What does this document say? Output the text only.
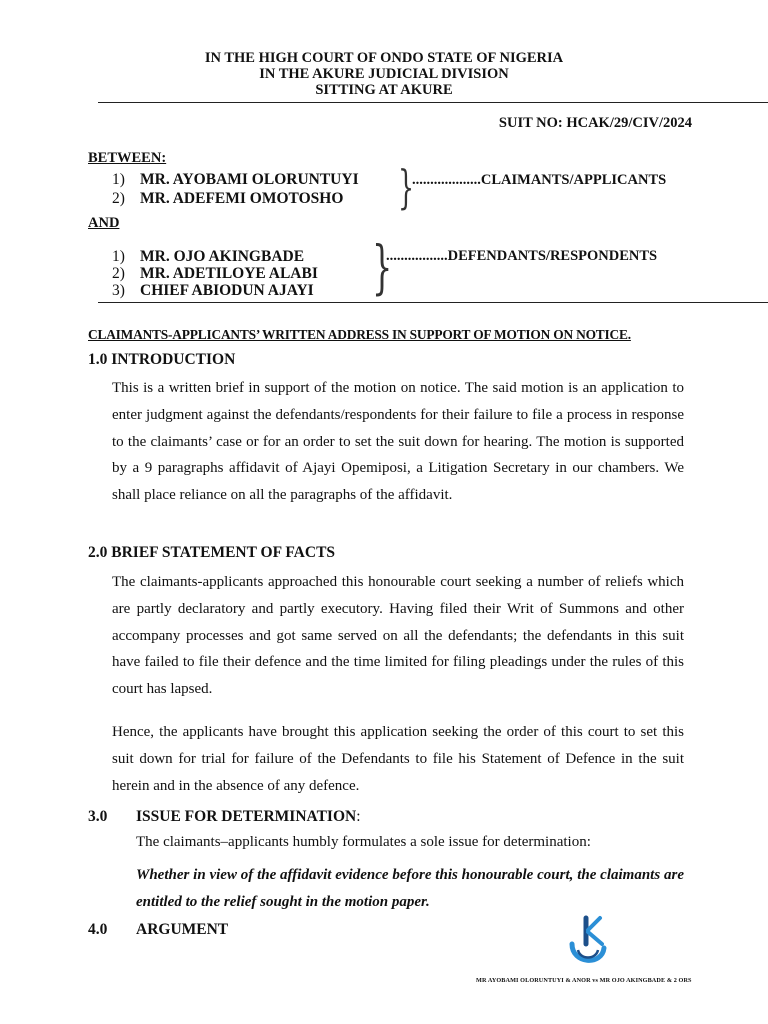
IN THE HIGH COURT OF ONDO STATE OF NIGERIA
IN THE AKURE JUDICIAL DIVISION
SITTING AT AKURE
SUIT NO: HCAK/29/CIV/2024
BETWEEN:
1) MR. AYOBAMI OLORUNTUYI
2) MR. ADEFEMI OMOTOSHO }
...................CLAIMANTS/APPLICANTS
AND
1) MR. OJO AKINGBADE
2) MR. ADETILOYE ALABI
3) CHIEF ABIODUN AJAYI }
.................DEFENDANTS/RESPONDENTS
CLAIMANTS-APPLICANTS’ WRITTEN ADDRESS IN SUPPORT OF MOTION ON NOTICE.
1.0 INTRODUCTION
This is a written brief in support of the motion on notice. The said motion is an application to enter judgment against the defendants/respondents for their failure to file a process in response to the claimants’ case or for an order to set the suit down for hearing. The motion is supported by a 9 paragraphs affidavit of Ajayi Opemiposi, a Litigation Secretary in our chambers. We shall place reliance on all the paragraphs of the affidavit.
2.0 BRIEF STATEMENT OF FACTS
The claimants-applicants approached this honourable court seeking a number of reliefs which are partly declaratory and partly executory. Having filed their Writ of Summons and other accompany processes and got same served on all the defendants; the defendants in this suit have failed to file their defence and the time limited for filing pleadings under the rules of this court has lapsed.
Hence, the applicants have brought this application seeking the order of this court to set this suit down for trial for failure of the Defendants to file his Statement of Defence in the suit herein and in the absence of any defence.
3.0 ISSUE FOR DETERMINATION:
The claimants–applicants humbly formulates a sole issue for determination:
Whether in view of the affidavit evidence before this honourable court, the claimants are entitled to the relief sought in the motion paper.
4.0 ARGUMENT
MR AYOBAMI OLORUNTUYI & ANOR vs MR OJO AKINGBADE & 2 ORS
